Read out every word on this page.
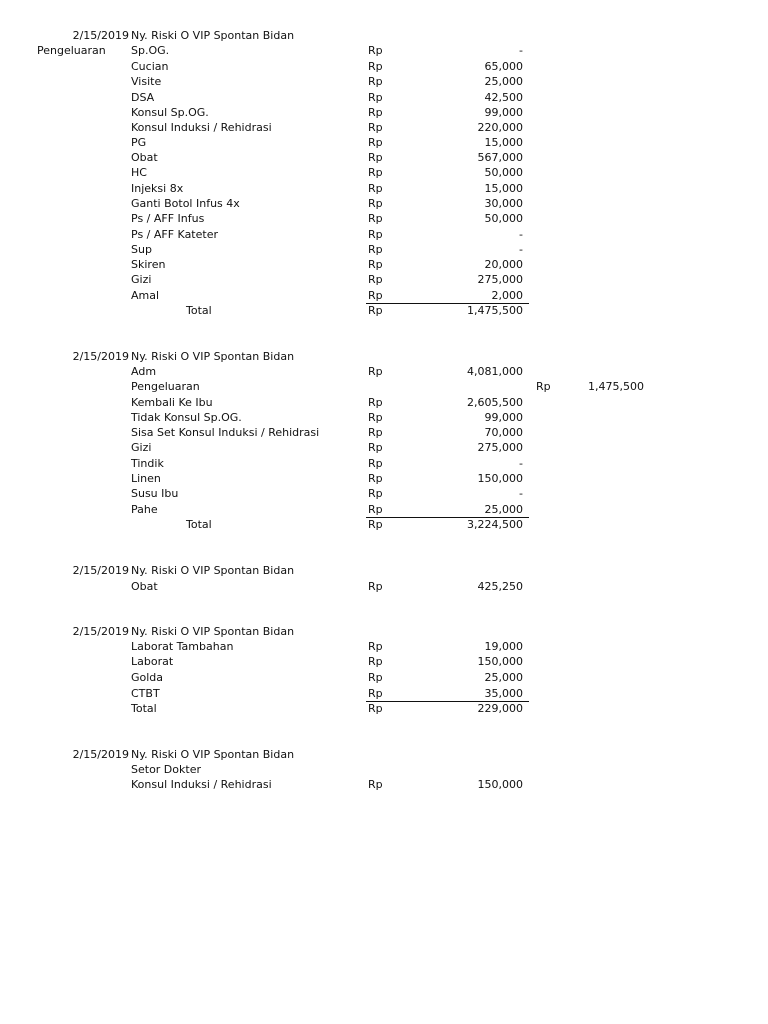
2/15/2019 Ny. Riski O VIP Spontan Bidan
Pengeluaran Sp.OG.	Rp	-
Cucian	Rp	65,000
Visite	Rp	25,000
DSA	Rp	42,500
Konsul Sp.OG.	Rp	99,000
Konsul Induksi / Rehidrasi	Rp	220,000
PG	Rp	15,000
Obat	Rp	567,000
HC	Rp	50,000
Injeksi 8x	Rp	15,000
Ganti Botol Infus 4x	Rp	30,000
Ps / AFF Infus	Rp	50,000
Ps / AFF Kateter	Rp	-
Sup	Rp	-
Skiren	Rp	20,000
Gizi	Rp	275,000
Amal	Rp	2,000
Total	Rp	1,475,500
2/15/2019 Ny. Riski O VIP Spontan Bidan
Adm	Rp	4,081,000
Pengeluaran	Rp	1,475,500
Kembali Ke Ibu	Rp	2,605,500
Tidak Konsul Sp.OG.	Rp	99,000
Sisa Set Konsul Induksi / Rehidrasi	Rp	70,000
Gizi	Rp	275,000
Tindik	Rp	-
Linen	Rp	150,000
Susu Ibu	Rp	-
Pahe	Rp	25,000
Total	Rp	3,224,500
2/15/2019 Ny. Riski O VIP Spontan Bidan
Obat	Rp	425,250
2/15/2019 Ny. Riski O VIP Spontan Bidan
Laborat Tambahan	Rp	19,000
Laborat	Rp	150,000
Golda	Rp	25,000
CTBT	Rp	35,000
Total	Rp	229,000
2/15/2019 Ny. Riski O VIP Spontan Bidan
Setor Dokter
Konsul Induksi / Rehidrasi	Rp	150,000
